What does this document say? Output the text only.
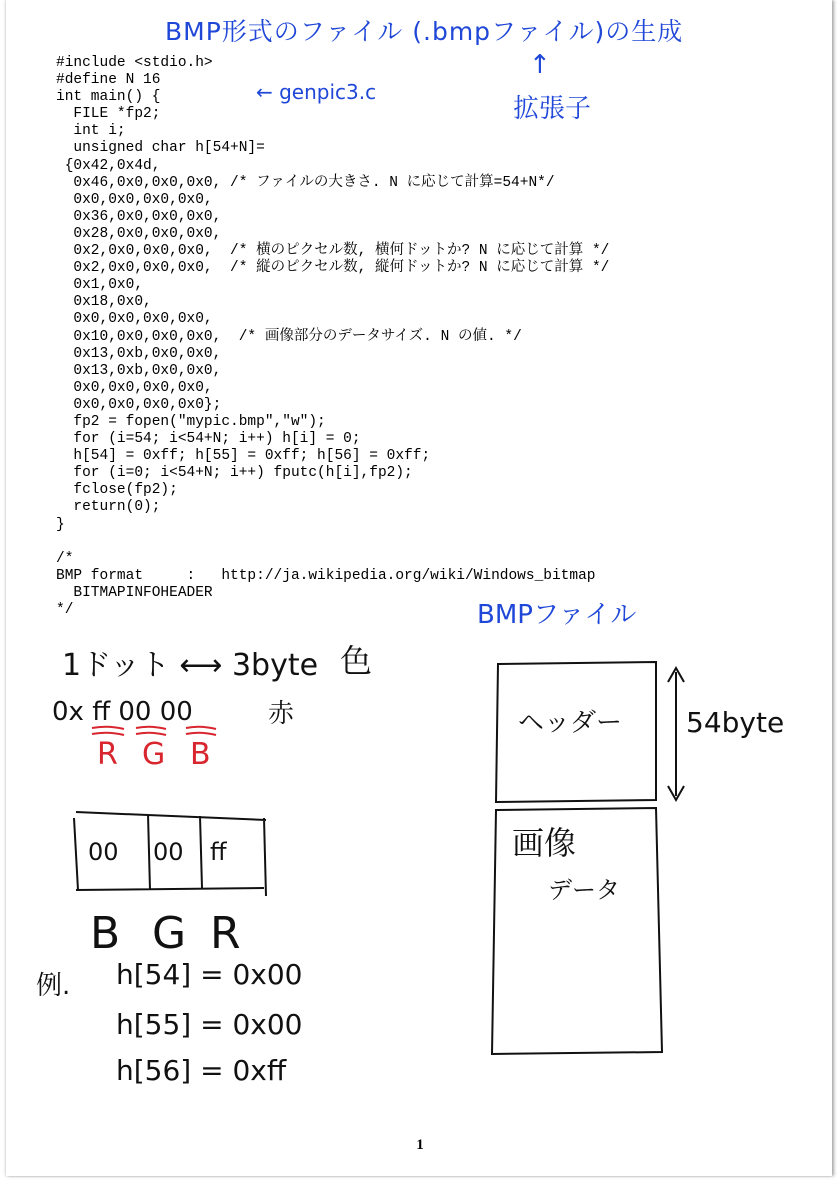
#include <stdio.h>
#define N 16
int main() {
FILE *fp2;
int i;
unsigned char h[54+N]=
{0x42,0x4d,
0x46,0x0,0x0,0x0, /* ファイルの大きさ. N に応じて計算=54+N*/
0x0,0x0,0x0,0x0,
0x36,0x0,0x0,0x0,
0x28,0x0,0x0,0x0,
0x2,0x0,0x0,0x0,  /* 横のピクセル数, 横何ドットか? N に応じて計算 */
0x2,0x0,0x0,0x0,  /* 縦のピクセル数, 縦何ドットか? N に応じて計算 */
0x1,0x0,
0x18,0x0,
0x0,0x0,0x0,0x0,
0x10,0x0,0x0,0x0,  /* 画像部分のデータサイズ. N の値. */
0x13,0xb,0x0,0x0,
0x13,0xb,0x0,0x0,
0x0,0x0,0x0,0x0,
0x0,0x0,0x0,0x0};
fp2 = fopen("mypic.bmp","w");
for (i=54; i<54+N; i++) h[i] = 0;
h[54] = 0xff; h[55] = 0xff; h[56] = 0xff;
for (i=0; i<54+N; i++) fputc(h[i],fp2);
fclose(fp2);
return(0);
}
/*
BMP format     :   http://ja.wikipedia.org/wiki/Windows_bitmap
BITMAPINFOHEADER
*/
BMP形式のファイル (.bmpファイル)の生成
← genpic3.c
↑
拡張子
BMPファイル
1ドット ⟷ 3byte 色
0x ff 00 00	赤
R G B
00 00 ff
B G R
例. h[54] = 0x00
h[55] = 0x00
h[56] = 0xff
ヘッダー 54byte
画像
データ
1
